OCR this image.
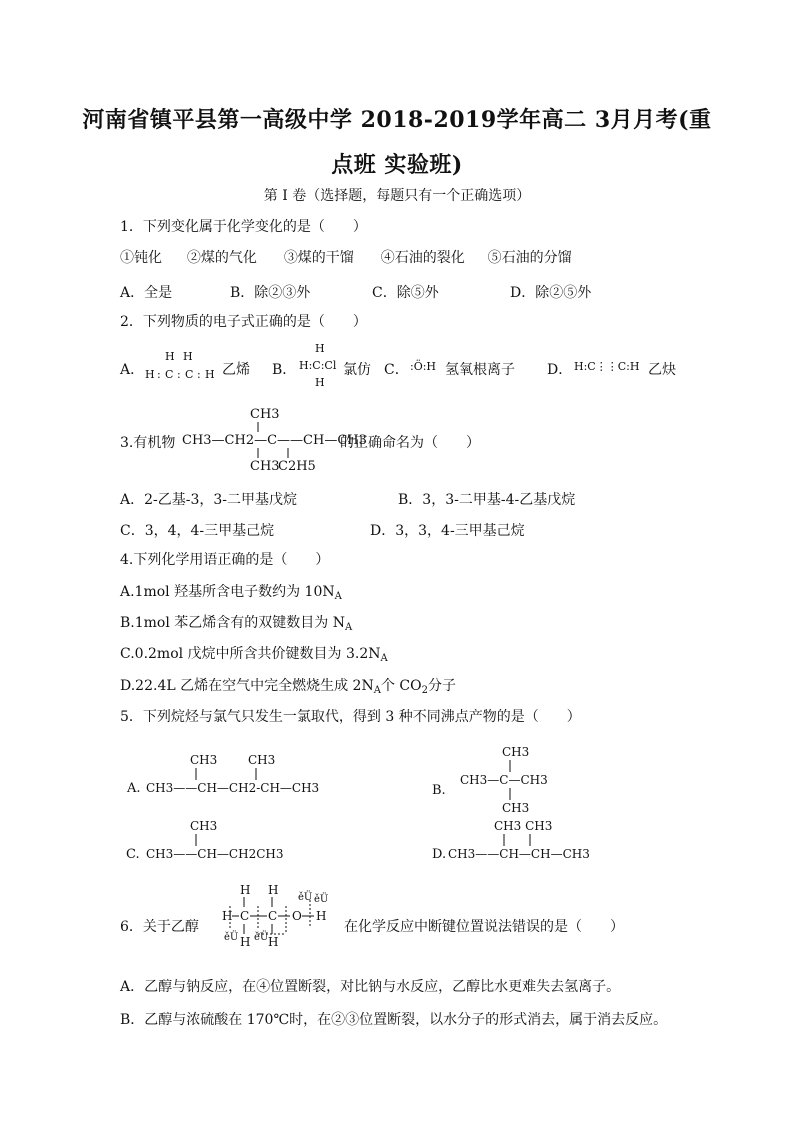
河南省镇平县第一高级中学 2018-2019学年高二 3月月考(重
点班 实验班)
第 I 卷（选择题，每题只有一个正确选项）
1．下列变化属于化学变化的是（　　）
①钝化 ②煤的气化 ③煤的干馏 ④石油的裂化 ⑤石油的分馏
A．全是	B．除②③外	C．除⑤外	D．除②⑤外
2．下列物质的电子式正确的是（　　）
A．
H H
H : C : C : H 乙烯 B．
H
H:C:Cl
H
氯仿 C． :Ö:H 氢氧根离子 D． H:C⋮⋮C:H 乙炔
3.有机物
CH3
CH3—CH2—C——CH—CH3
CH3
C2H5
的正确命名为（　　）
A．2-乙基-3，3-二甲基戊烷	B．3，3-二甲基-4-乙基戊烷
C．3，4，4-三甲基己烷	D．3，3，4-三甲基己烷
4.下列化学用语正确的是（　　）
A.1mol 羟基所含电子数约为 $10N_A$
B.1mol 苯乙烯含有的双键数目为 $N_A$
C.0.2mol 戊烷中所含共价键数目为 $3.2N_A$
D.22.4L 乙烯在空气中完全燃烧生成 $2N_A$个 $CO_2$分子
5．下列烷烃与氯气只发生一氯取代，得到 3 种不同沸点产物的是（　　）
A.
CH3	CH3
CH3——CH—CH2-CH—CH3	B.
CH3
CH3—C—CH3
CH3
C.
CH3
CH3——CH—CH2CH3	D.
CH3 CH3
CH3——CH—CH—CH3
6．关于乙醇
H H
ěÜ ěÜ
H C C O H
ěÜ H ěÜ H
在化学反应中断键位置说法错误的是（　　）
A．乙醇与钠反应，在④位置断裂，对比钠与水反应，乙醇比水更难失去氢离子。
B．乙醇与浓硫酸在 170℃时，在②③位置断裂，以水分子的形式消去，属于消去反应。
